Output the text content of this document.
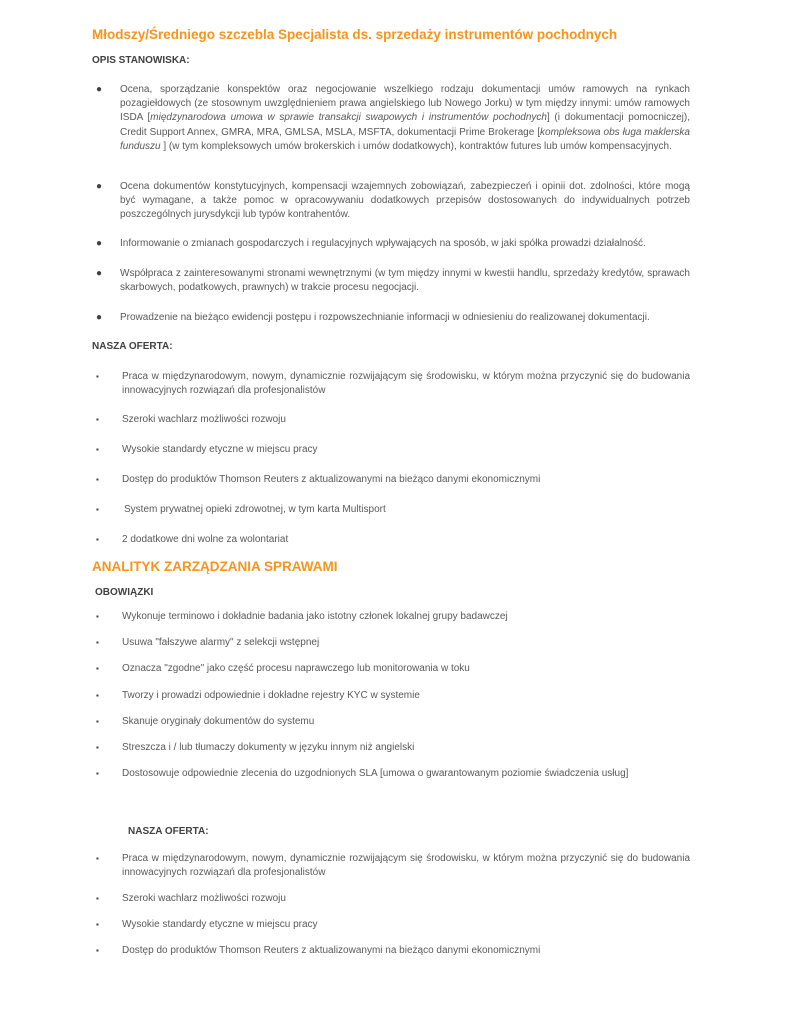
Młodszy/Średniego szczebla Specjalista ds. sprzedaży instrumentów pochodnych
OPIS STANOWISKA:
● Ocena, sporządzanie konspektów oraz negocjowanie wszelkiego rodzaju dokumentacji umów ramowych na rynkach pozagiełdowych (ze stosownym uwzględnieniem prawa angielskiego lub Nowego Jorku) w tym między innymi: umów ramowych ISDA [międzynarodowa umowa w sprawie transakcji swapowych i instrumentów pochodnych] (i dokumentacji pomocniczej), Credit Support Annex, GMRA, MRA, GMLSA, MSLA, MSFTA, dokumentacji Prime Brokerage [kompleksowa obs ługa maklerska funduszu ] (w tym kompleksowych umów brokerskich i umów dodatkowych), kontraktów futures lub umów kompensacyjnych.
● Ocena dokumentów konstytucyjnych, kompensacji wzajemnych zobowiązań, zabezpieczeń i opinii dot. zdolności, które mogą być wymagane, a także pomoc w opracowywaniu dodatkowych przepisów dostosowanych do indywidualnych potrzeb poszczególnych jurysdykcji lub typów kontrahentów.
● Informowanie o zmianach gospodarczych i regulacyjnych wpływających na sposób, w jaki spółka prowadzi działalność.
● Współpraca z zainteresowanymi stronami wewnętrznymi (w tym między innymi w kwestii handlu, sprzedaży kredytów, sprawach skarbowych, podatkowych, prawnych) w trakcie procesu negocjacji.
● Prowadzenie na bieżąco ewidencji postępu i rozpowszechnianie informacji w odniesieniu do realizowanej dokumentacji.
NASZA OFERTA:
▪ Praca w międzynarodowym, nowym, dynamicznie rozwijającym się środowisku, w którym można przyczynić się do budowania innowacyjnych rozwiązań dla profesjonalistów
▪ Szeroki wachlarz możliwości rozwoju
▪ Wysokie standardy etyczne w miejscu pracy
▪ Dostęp do produktów Thomson Reuters z aktualizowanymi na bieżąco danymi ekonomicznymi
▪	System prywatnej opieki zdrowotnej, w tym karta Multisport
▪ 2 dodatkowe dni wolne za wolontariat
ANALITYK ZARZĄDZANIA SPRAWAMI
OBOWIĄZKI
▪ Wykonuje terminowo i dokładnie badania jako istotny członek lokalnej grupy badawczej
▪ Usuwa "fałszywe alarmy" z selekcji wstępnej
▪ Oznacza "zgodne" jako część procesu naprawczego lub monitorowania w toku
▪ Tworzy i prowadzi odpowiednie i dokładne rejestry KYC w systemie
▪ Skanuje oryginały dokumentów do systemu
▪ Streszcza i / lub tłumaczy dokumenty w języku innym niż angielski
▪ Dostosowuje odpowiednie zlecenia do uzgodnionych SLA [umowa o gwarantowanym poziomie świadczenia usług]
NASZA OFERTA:
▪ Praca w międzynarodowym, nowym, dynamicznie rozwijającym się środowisku, w którym można przyczynić się do budowania innowacyjnych rozwiązań dla profesjonalistów
▪ Szeroki wachlarz możliwości rozwoju
▪ Wysokie standardy etyczne w miejscu pracy
▪ Dostęp do produktów Thomson Reuters z aktualizowanymi na bieżąco danymi ekonomicznymi
